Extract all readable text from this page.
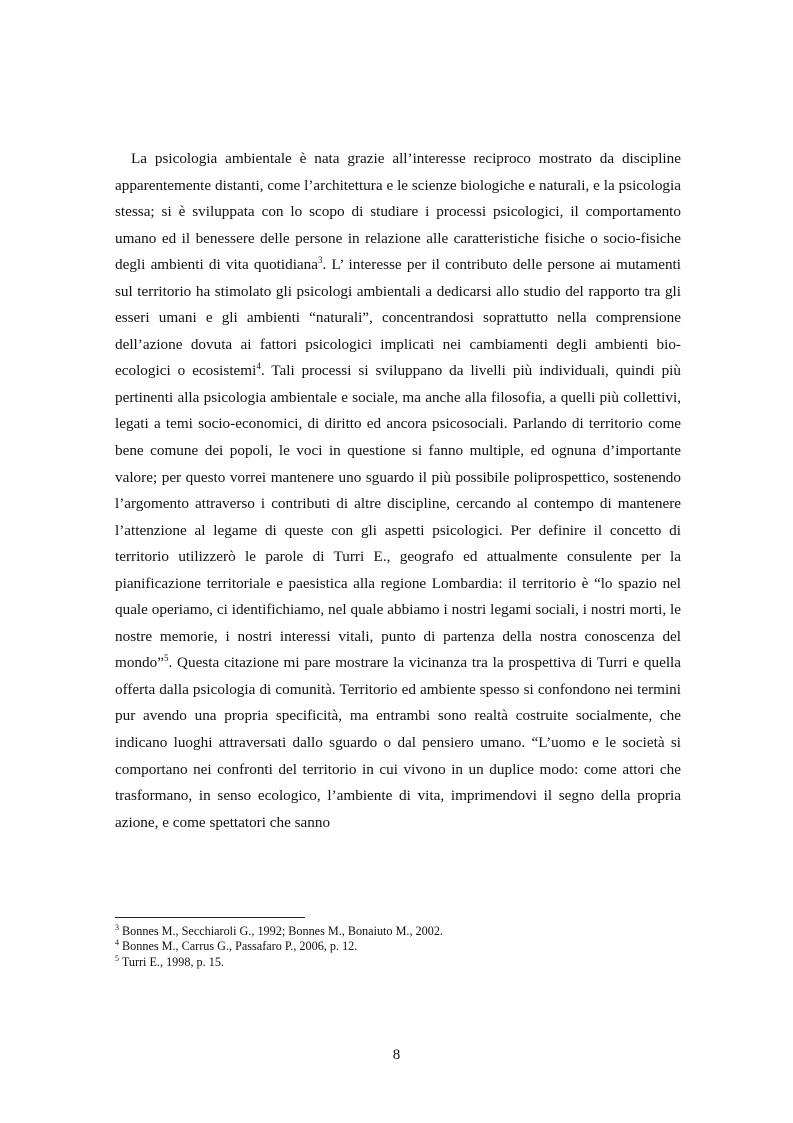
La psicologia ambientale è nata grazie all’interesse reciproco mostrato da discipline apparentemente distanti, come l’architettura e le scienze biologiche e naturali, e la psicologia stessa; si è sviluppata con lo scopo di studiare i processi psicologici, il comportamento umano ed il benessere delle persone in relazione alle caratteristiche fisiche o socio-fisiche degli ambienti di vita quotidiana$^3$. L’ interesse per il contributo delle persone ai mutamenti sul territorio ha stimolato gli psicologi ambientali a dedicarsi allo studio del rapporto tra gli esseri umani e gli ambienti “naturali”, concentrandosi soprattutto nella comprensione dell’azione dovuta ai fattori psicologici implicati nei cambiamenti degli ambienti bio-ecologici o ecosistemi$^4$. Tali processi si sviluppano da livelli più individuali, quindi più pertinenti alla psicologia ambientale e sociale, ma anche alla filosofia, a quelli più collettivi, legati a temi socio-economici, di diritto ed ancora psicosociali. Parlando di territorio come bene comune dei popoli, le voci in questione si fanno multiple, ed ognuna d’importante valore; per questo vorrei mantenere uno sguardo il più possibile poliprospettico, sostenendo l’argomento attraverso i contributi di altre discipline, cercando al contempo di mantenere l’attenzione al legame di queste con gli aspetti psicologici. Per definire il concetto di territorio utilizzerò le parole di Turri E., geografo ed attualmente consulente per la pianificazione territoriale e paesistica alla regione Lombardia: il territorio è “lo spazio nel quale operiamo, ci identifichiamo, nel quale abbiamo i nostri legami sociali, i nostri morti, le nostre memorie, i nostri interessi vitali, punto di partenza della nostra conoscenza del mondo”$^5$. Questa citazione mi pare mostrare la vicinanza tra la prospettiva di Turri e quella offerta dalla psicologia di comunità. Territorio ed ambiente spesso si confondono nei termini pur avendo una propria specificità, ma entrambi sono realtà costruite socialmente, che indicano luoghi attraversati dallo sguardo o dal pensiero umano. “L’uomo e le società si comportano nei confronti del territorio in cui vivono in un duplice modo: come attori che trasformano, in senso ecologico, l’ambiente di vita, imprimendovi il segno della propria azione, e come spettatori che sanno

$^3$ Bonnes M., Secchiaroli G., 1992; Bonnes M., Bonaiuto M., 2002.

$^4$ Bonnes M., Carrus G., Passafaro P., 2006, p. 12.

$^5$ Turri E., 1998, p. 15.

8
